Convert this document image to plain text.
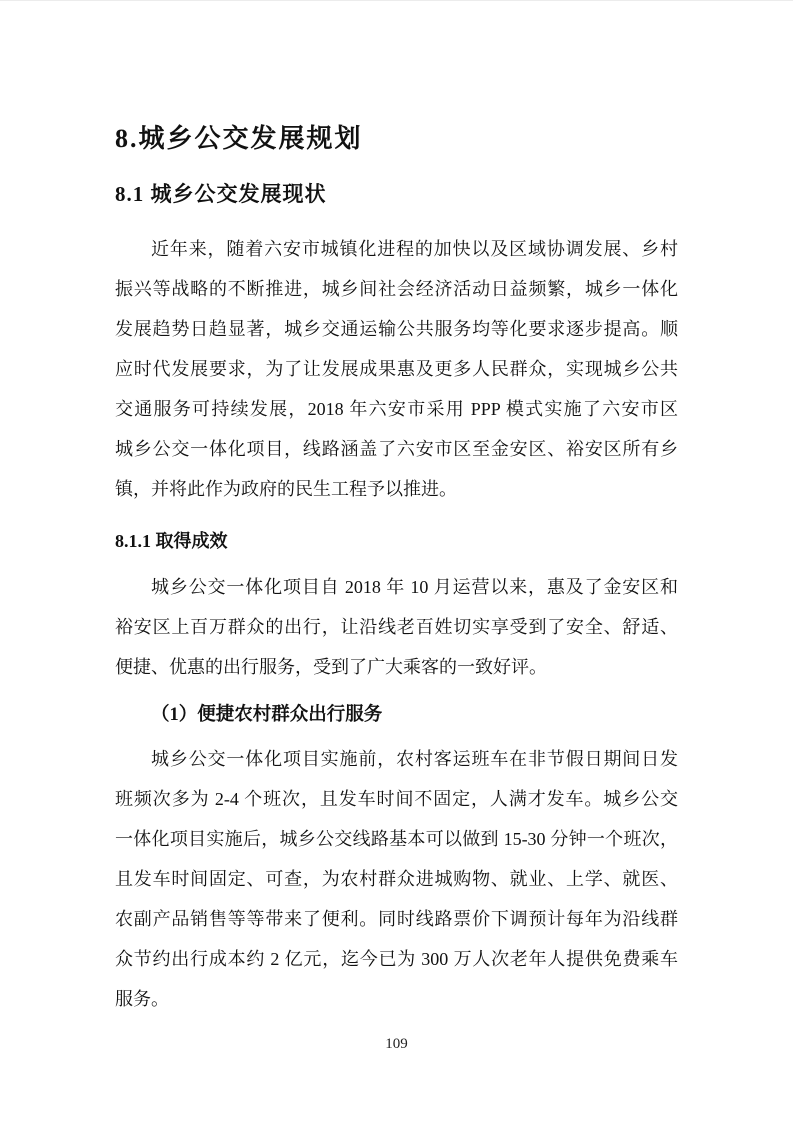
8.城乡公交发展规划
8.1 城乡公交发展现状
近年来，随着六安市城镇化进程的加快以及区域协调发展、乡村
振兴等战略的不断推进，城乡间社会经济活动日益频繁，城乡一体化
发展趋势日趋显著，城乡交通运输公共服务均等化要求逐步提高。顺
应时代发展要求，为了让发展成果惠及更多人民群众，实现城乡公共
交通服务可持续发展，2018 年六安市采用 PPP 模式实施了六安市区
城乡公交一体化项目，线路涵盖了六安市区至金安区、裕安区所有乡
镇，并将此作为政府的民生工程予以推进。
8.1.1 取得成效
城乡公交一体化项目自 2018 年 10 月运营以来，惠及了金安区和
裕安区上百万群众的出行，让沿线老百姓切实享受到了安全、舒适、
便捷、优惠的出行服务，受到了广大乘客的一致好评。
（1）便捷农村群众出行服务
城乡公交一体化项目实施前，农村客运班车在非节假日期间日发
班频次多为 2-4 个班次，且发车时间不固定，人满才发车。城乡公交
一体化项目实施后，城乡公交线路基本可以做到 15-30 分钟一个班次，
且发车时间固定、可查，为农村群众进城购物、就业、上学、就医、
农副产品销售等等带来了便利。同时线路票价下调预计每年为沿线群
众节约出行成本约 2 亿元，迄今已为 300 万人次老年人提供免费乘车
服务。
109
